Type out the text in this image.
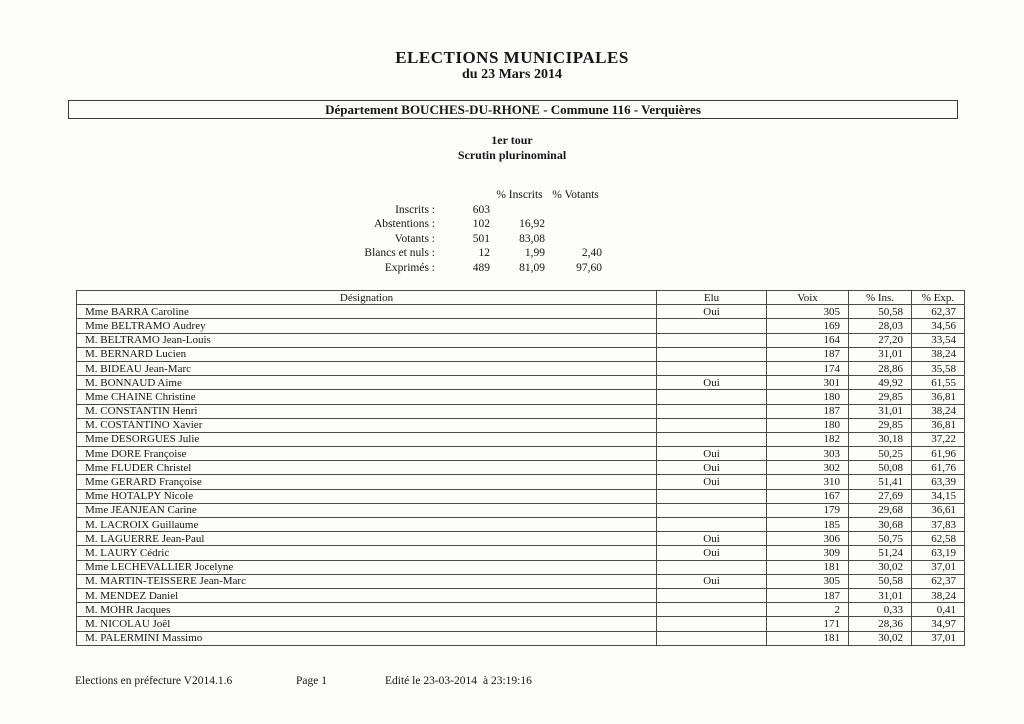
ELECTIONS MUNICIPALES
du 23 Mars 2014
Département BOUCHES-DU-RHONE - Commune 116 - Verquières
1er tour
Scrutin plurinominal
		% Inscrits	% Votants
Inscrits :	603		
Abstentions :	102	16,92	
Votants :	501	83,08	
Blancs et nuls :	12	1,99	2,40
Exprimés :	489	81,09	97,60
Désignation	Elu	Voix	% Ins.	% Exp.
Mme BARRA Caroline	Oui	305	50,58	62,37
Mme BELTRAMO Audrey		169	28,03	34,56
M. BELTRAMO Jean-Louis		164	27,20	33,54
M. BERNARD Lucien		187	31,01	38,24
M. BIDEAU Jean-Marc		174	28,86	35,58
M. BONNAUD Aime	Oui	301	49,92	61,55
Mme CHAINE Christine		180	29,85	36,81
M. CONSTANTIN Henri		187	31,01	38,24
M. COSTANTINO Xavier		180	29,85	36,81
Mme DESORGUES Julie		182	30,18	37,22
Mme DORE Françoise	Oui	303	50,25	61,96
Mme FLUDER Christel	Oui	302	50,08	61,76
Mme GERARD Françoise	Oui	310	51,41	63,39
Mme HOTALPY Nicole		167	27,69	34,15
Mme JEANJEAN Carine		179	29,68	36,61
M. LACROIX Guillaume		185	30,68	37,83
M. LAGUERRE Jean-Paul	Oui	306	50,75	62,58
M. LAURY Cédric	Oui	309	51,24	63,19
Mme LECHEVALLIER Jocelyne		181	30,02	37,01
M. MARTIN-TEISSERE Jean-Marc	Oui	305	50,58	62,37
M. MENDEZ Daniel		187	31,01	38,24
M. MOHR Jacques		2	0,33	0,41
M. NICOLAU Joël		171	28,36	34,97
M. PALERMINI Massimo		181	30,02	37,01
Elections en préfecture V2014.1.6	Page 1	Edité le 23-03-2014 à 23:19:16
